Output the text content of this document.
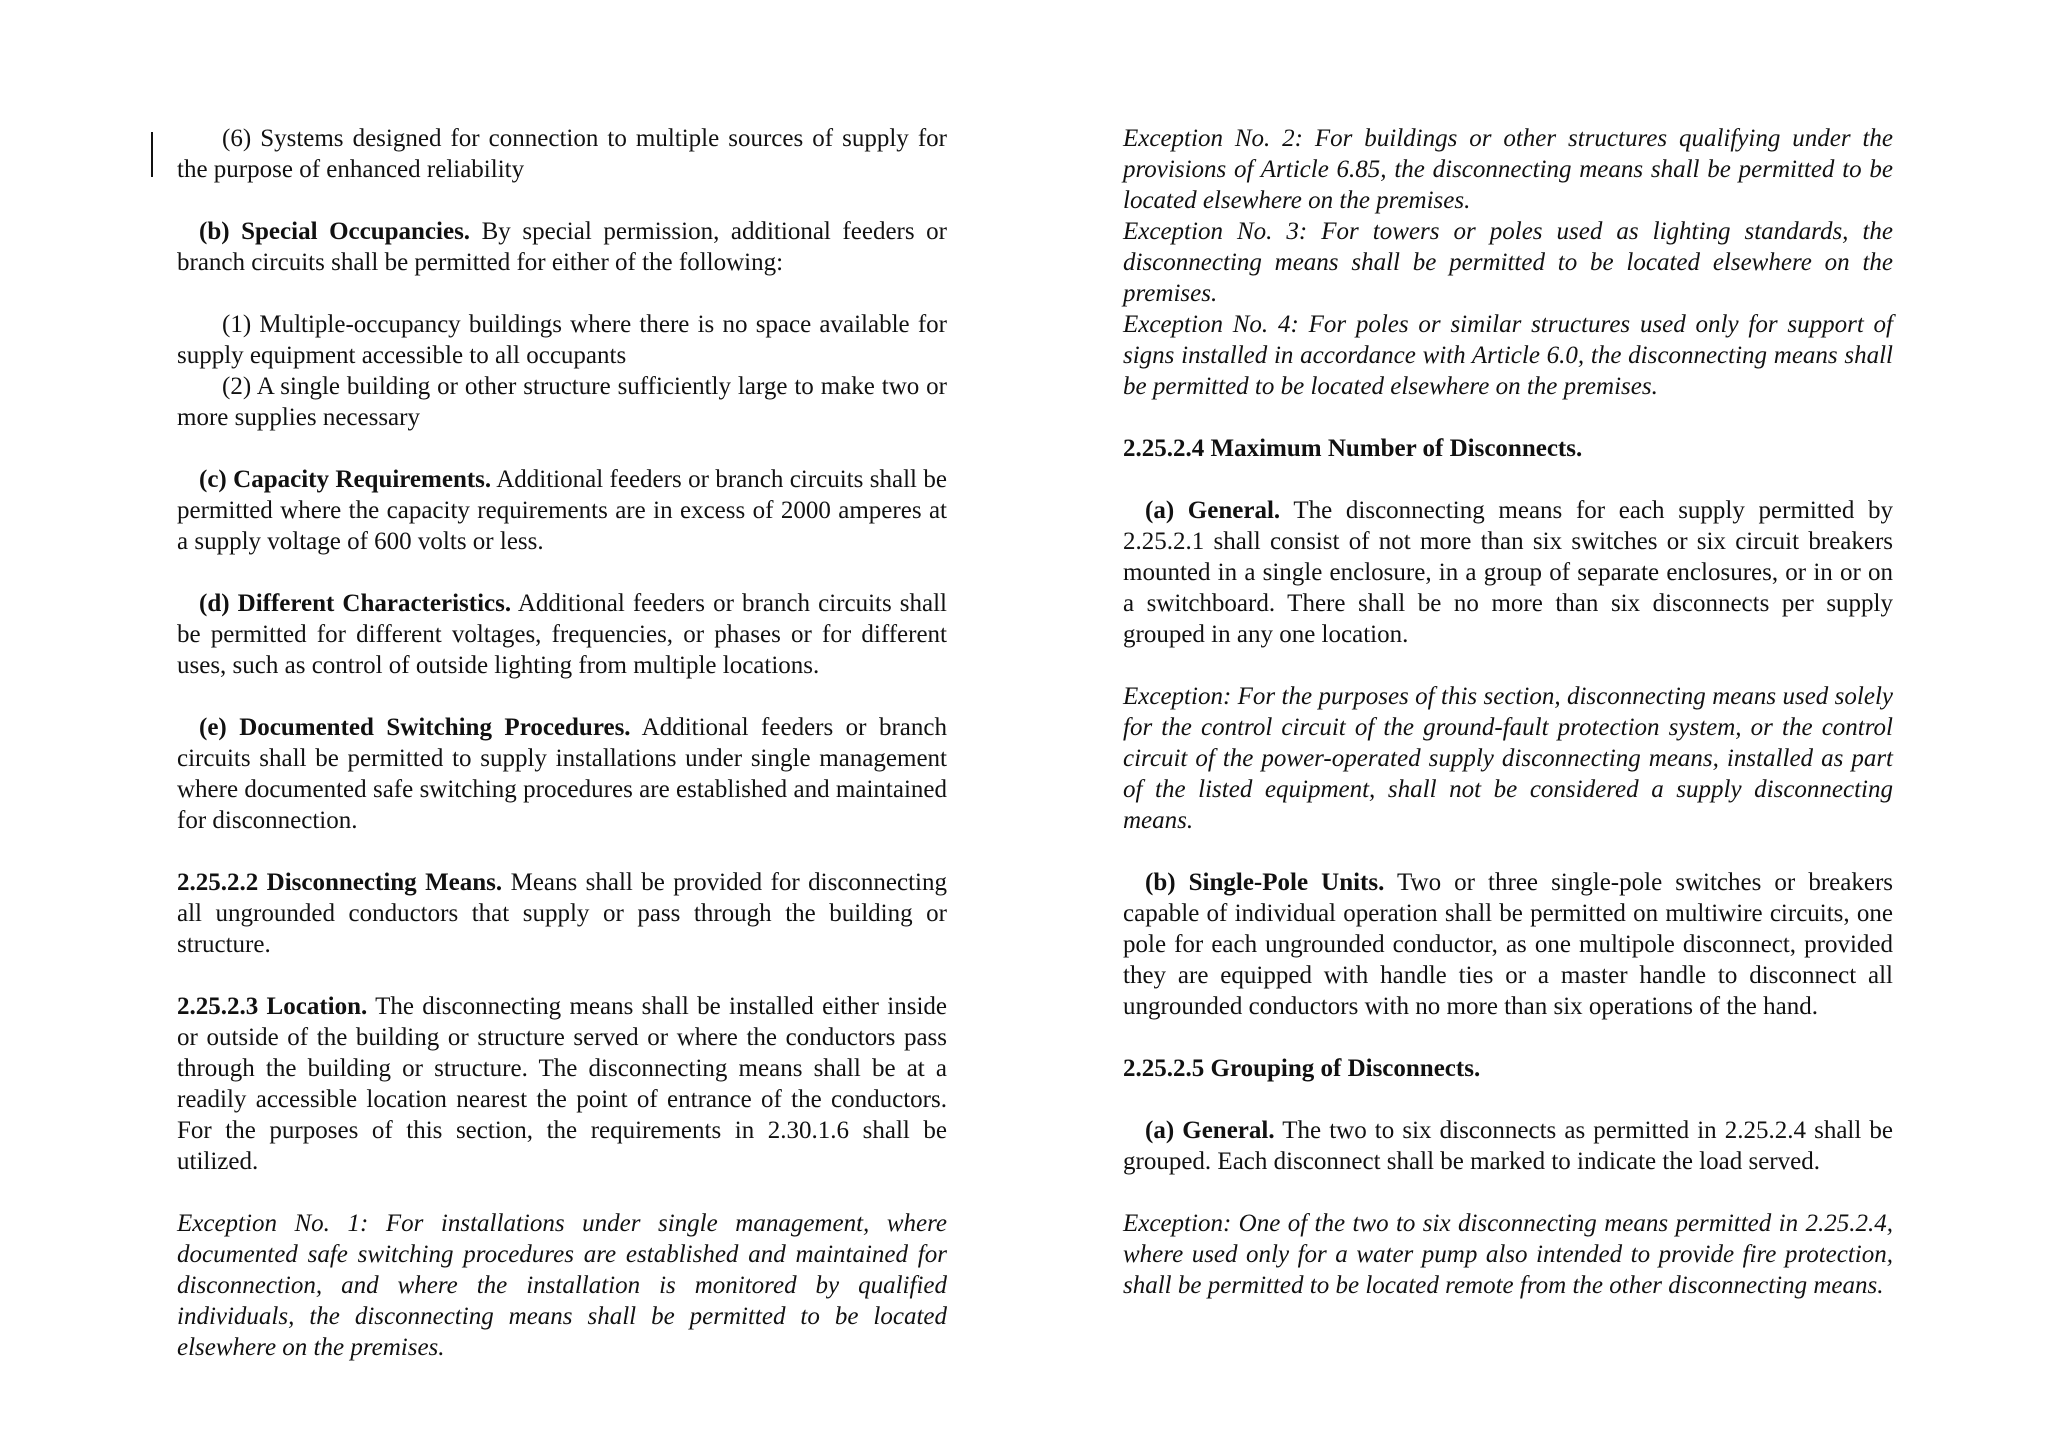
(6) Systems designed for connection to multiple sources of supply for the purpose of enhanced reliability

(b) Special Occupancies. By special permission, additional feeders or branch circuits shall be permitted for either of the following:

(1) Multiple-occupancy buildings where there is no space available for supply equipment accessible to all occupants

(2) A single building or other structure sufficiently large to make two or more supplies necessary

(c) Capacity Requirements. Additional feeders or branch circuits shall be permitted where the capacity requirements are in excess of 2000 amperes at a supply voltage of 600 volts or less.

(d) Different Characteristics. Additional feeders or branch circuits shall be permitted for different voltages, frequencies, or phases or for different uses, such as control of outside lighting from multiple locations.

(e) Documented Switching Procedures. Additional feeders or branch circuits shall be permitted to supply installations under single management where documented safe switching procedures are established and maintained for disconnection.

2.25.2.2 Disconnecting Means. Means shall be provided for disconnecting all ungrounded conductors that supply or pass through the building or structure.

2.25.2.3 Location. The disconnecting means shall be installed either inside or outside of the building or structure served or where the conductors pass through the building or structure. The disconnecting means shall be at a readily accessible location nearest the point of entrance of the conductors. For the purposes of this section, the requirements in 2.30.1.6 shall be utilized.

Exception No. 1: For installations under single management, where documented safe switching procedures are established and maintained for disconnection, and where the installation is monitored by qualified individuals, the disconnecting means shall be permitted to be located elsewhere on the premises.

Exception No. 2: For buildings or other structures qualifying under the provisions of Article 6.85, the disconnecting means shall be permitted to be located elsewhere on the premises.

Exception No. 3: For towers or poles used as lighting standards, the disconnecting means shall be permitted to be located elsewhere on the premises.

Exception No. 4: For poles or similar structures used only for support of signs installed in accordance with Article 6.0, the disconnecting means shall be permitted to be located elsewhere on the premises.

2.25.2.4 Maximum Number of Disconnects.

(a) General. The disconnecting means for each supply permitted by 2.25.2.1 shall consist of not more than six switches or six circuit breakers mounted in a single enclosure, in a group of separate enclosures, or in or on a switchboard. There shall be no more than six disconnects per supply grouped in any one location.

Exception: For the purposes of this section, disconnecting means used solely for the control circuit of the ground-fault protection system, or the control circuit of the power-operated supply disconnecting means, installed as part of the listed equipment, shall not be considered a supply disconnecting means.

(b) Single-Pole Units. Two or three single-pole switches or breakers capable of individual operation shall be permitted on multiwire circuits, one pole for each ungrounded conductor, as one multipole disconnect, provided they are equipped with handle ties or a master handle to disconnect all ungrounded conductors with no more than six operations of the hand.

2.25.2.5 Grouping of Disconnects.

(a) General. The two to six disconnects as permitted in 2.25.2.4 shall be grouped. Each disconnect shall be marked to indicate the load served.

Exception: One of the two to six disconnecting means permitted in 2.25.2.4, where used only for a water pump also intended to provide fire protection, shall be permitted to be located remote from the other disconnecting means.
